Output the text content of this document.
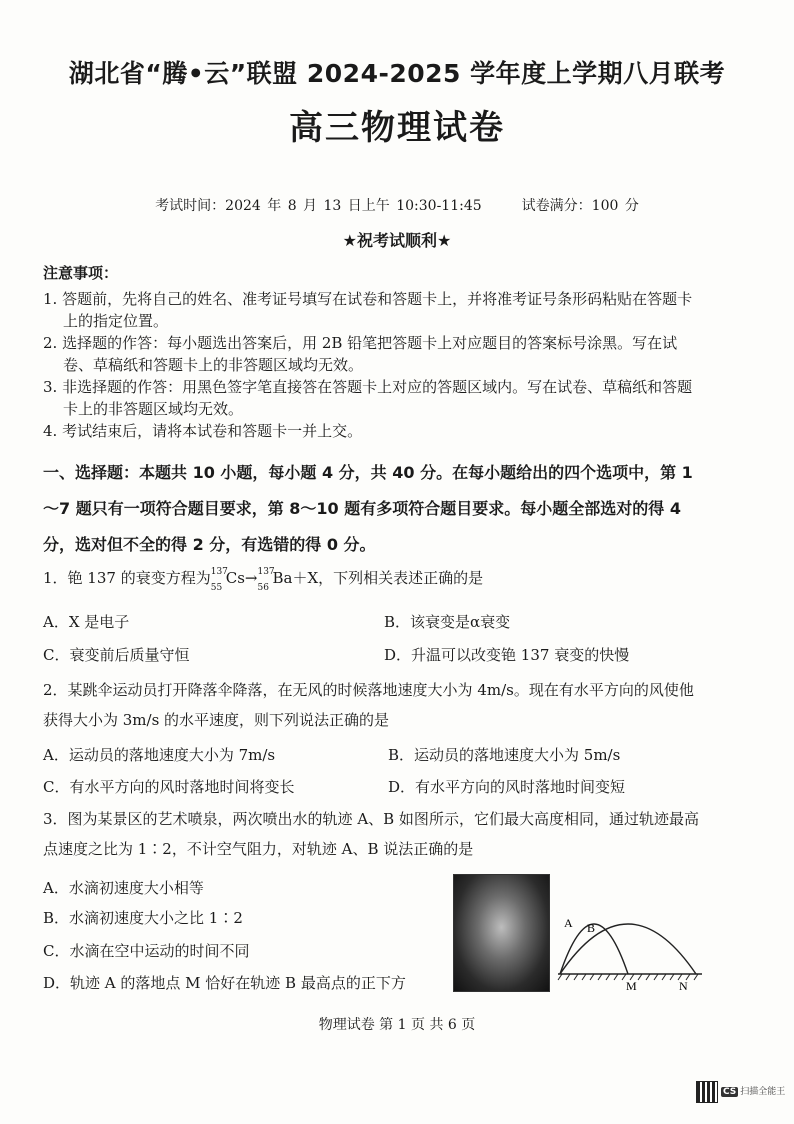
湖北省“腾•云”联盟 2024-2025 学年度上学期八月联考
高三物理试卷
考试时间：2024 年 8 月 13 日上午 10:30-11:45	试卷满分：100 分
★祝考试顺利★
注意事项：
1. 答题前，先将自己的姓名、准考证号填写在试卷和答题卡上，并将准考证号条形码粘贴在答题卡上的指定位置。
2. 选择题的作答：每小题选出答案后，用 2B 铅笔把答题卡上对应题目的答案标号涂黑。写在试卷、草稿纸和答题卡上的非答题区域均无效。
3. 非选择题的作答：用黑色签字笔直接答在答题卡上对应的答题区域内。写在试卷、草稿纸和答题卡上的非答题区域均无效。
4. 考试结束后，请将本试卷和答题卡一并上交。
一、选择题：本题共 10 小题，每小题 4 分，共 40 分。在每小题给出的四个选项中，第 1～7 题只有一项符合题目要求，第 8～10 题有多项符合题目要求。每小题全部选对的得 4 分，选对但不全的得 2 分，有选错的得 0 分。
1．铯 137 的衰变方程为 137
55
Cs→ 137
56
Ba＋X，下列相关表述正确的是
A．X 是电子	B．该衰变是α衰变
C．衰变前后质量守恒	D．升温可以改变铯 137 衰变的快慢
2．某跳伞运动员打开降落伞降落，在无风的时候落地速度大小为 4m/s。现在有水平方向的风使他获得大小为 3m/s 的水平速度，则下列说法正确的是
A．运动员的落地速度大小为 7m/s	B．运动员的落地速度大小为 5m/s
C．有水平方向的风时落地时间将变长	D．有水平方向的风时落地时间变短
3．图为某景区的艺术喷泉，两次喷出水的轨迹 A、B 如图所示，它们最大高度相同，通过轨迹最高点速度之比为 1∶2，不计空气阻力，对轨迹 A、B 说法正确的是
A．水滴初速度大小相等
B．水滴初速度大小之比 1∶2
C．水滴在空中运动的时间不同
D．轨迹 A 的落地点 M 恰好在轨迹 B 最高点的正下方
A B
M	N
物理试卷 第 1 页 共 6 页
CS 扫描全能王
